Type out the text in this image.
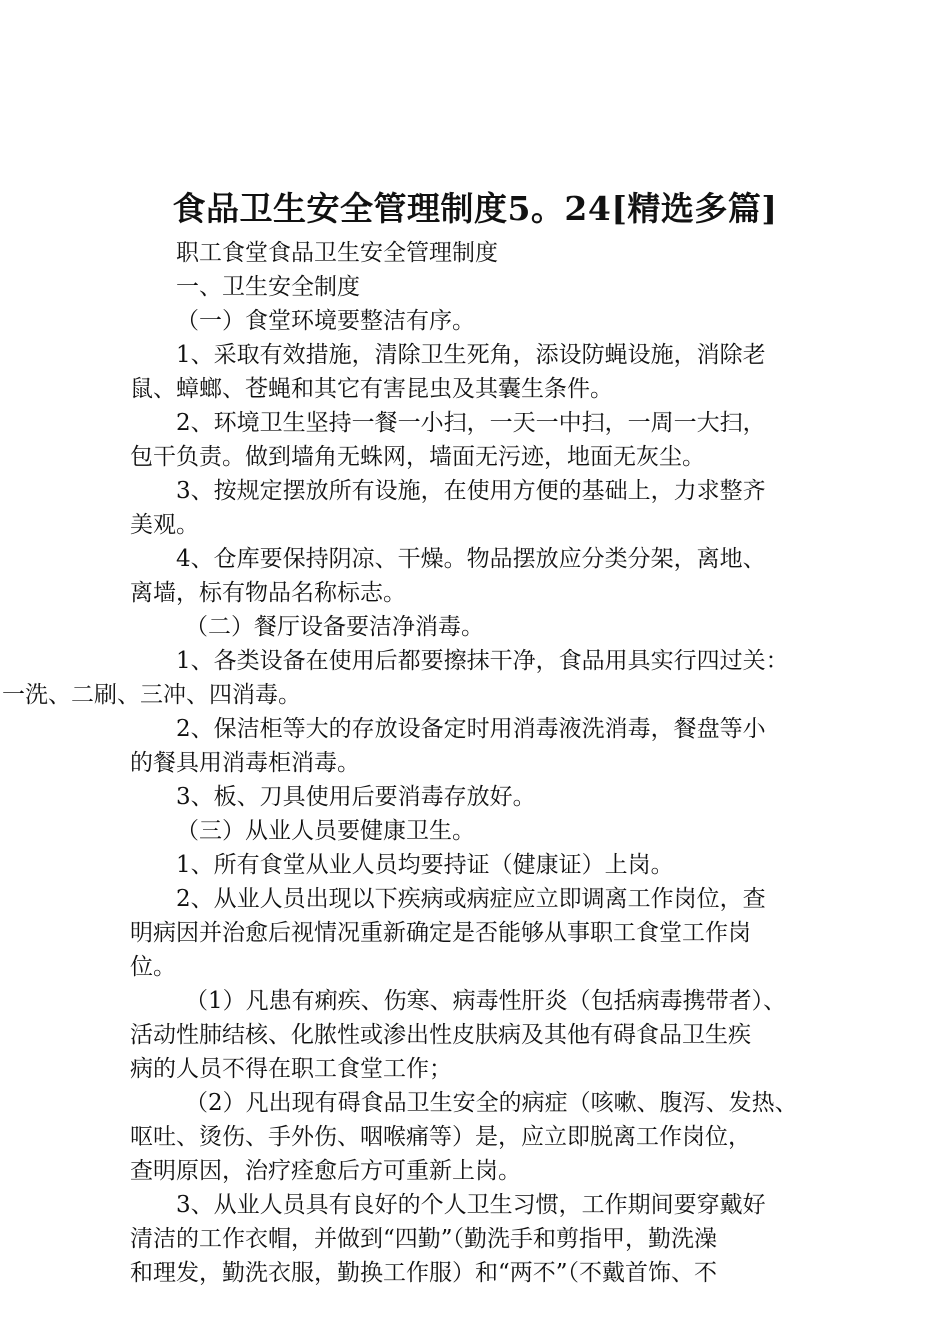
食品卫生安全管理制度5。24[精选多篇]

职工食堂食品卫生安全管理制度

一、卫生安全制度

（一）食堂环境要整洁有序。

1、采取有效措施，清除卫生死角，添设防蝇设施，消除老

鼠、蟑螂、苍蝇和其它有害昆虫及其囊生条件。

2、环境卫生坚持一餐一小扫，一天一中扫，一周一大扫，

包干负责。做到墙角无蛛网，墙面无污迹，地面无灰尘。

3、按规定摆放所有设施，在使用方便的基础上，力求整齐

美观。

4、仓库要保持阴凉、干燥。物品摆放应分类分架，离地、

离墙，标有物品名称标志。

（二）餐厅设备要洁净消毒。

1、各类设备在使用后都要擦抹干净，食品用具实行四过关：

一洗、二刷、三冲、四消毒。

2、保洁柜等大的存放设备定时用消毒液洗消毒，餐盘等小

的餐具用消毒柜消毒。

3、板、刀具使用后要消毒存放好。

（三）从业人员要健康卫生。

1、所有食堂从业人员均要持证（健康证）上岗。

2、从业人员出现以下疾病或病症应立即调离工作岗位，查

明病因并治愈后视情况重新确定是否能够从事职工食堂工作岗

位。

（1）凡患有痢疾、伤寒、病毒性肝炎（包括病毒携带者）、

活动性肺结核、化脓性或渗出性皮肤病及其他有碍食品卫生疾

病的人员不得在职工食堂工作；

（2）凡出现有碍食品卫生安全的病症（咳嗽、腹泻、发热、

呕吐、烫伤、手外伤、咽喉痛等）是，应立即脱离工作岗位，

查明原因，治疗痊愈后方可重新上岗。

3、从业人员具有良好的个人卫生习惯，工作期间要穿戴好

清洁的工作衣帽，并做到“四勤”（勤洗手和剪指甲，勤洗澡

和理发，勤洗衣服，勤换工作服）和“两不”（不戴首饰、不
